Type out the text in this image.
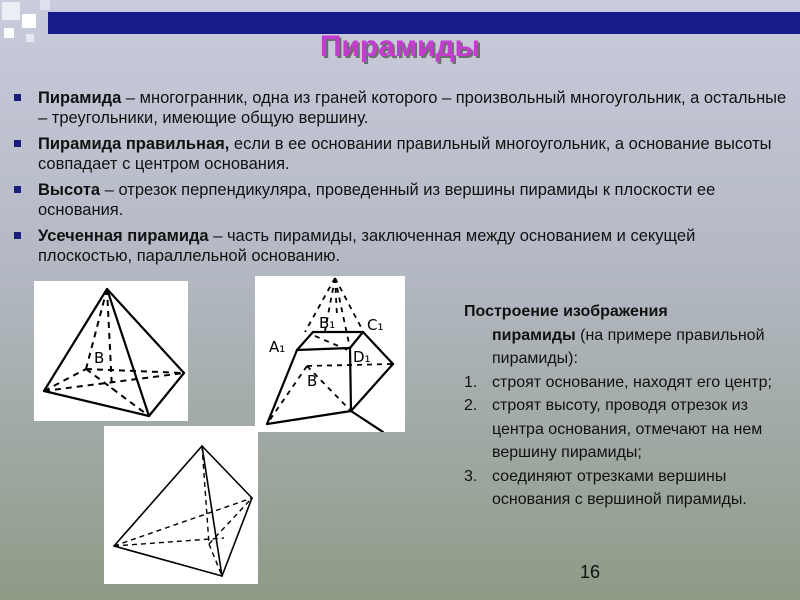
Пирамиды
Пирамида – многогранник, одна из граней которого – произвольный многоугольник, а остальные – треугольники, имеющие общую вершину.
Пирамида правильная, если в ее основании правильный многоугольник, а основание высоты совпадает с центром основания.
Высота – отрезок перпендикуляра, проведенный из вершины пирамиды к плоскости ее основания.
Усеченная пирамида – часть пирамиды, заключенная между основанием и секущей плоскостью, параллельной основанию.
B
A₁
B₁ C₁
D₁
B
Построение изображения
пирамиды (на примере правильной пирамиды):
1. строят основание, находят его центр;
2. строят высоту, проводя отрезок из центра основания, отмечают на нем вершину пирамиды;
3. соединяют отрезками вершины основания с вершиной пирамиды.
16
